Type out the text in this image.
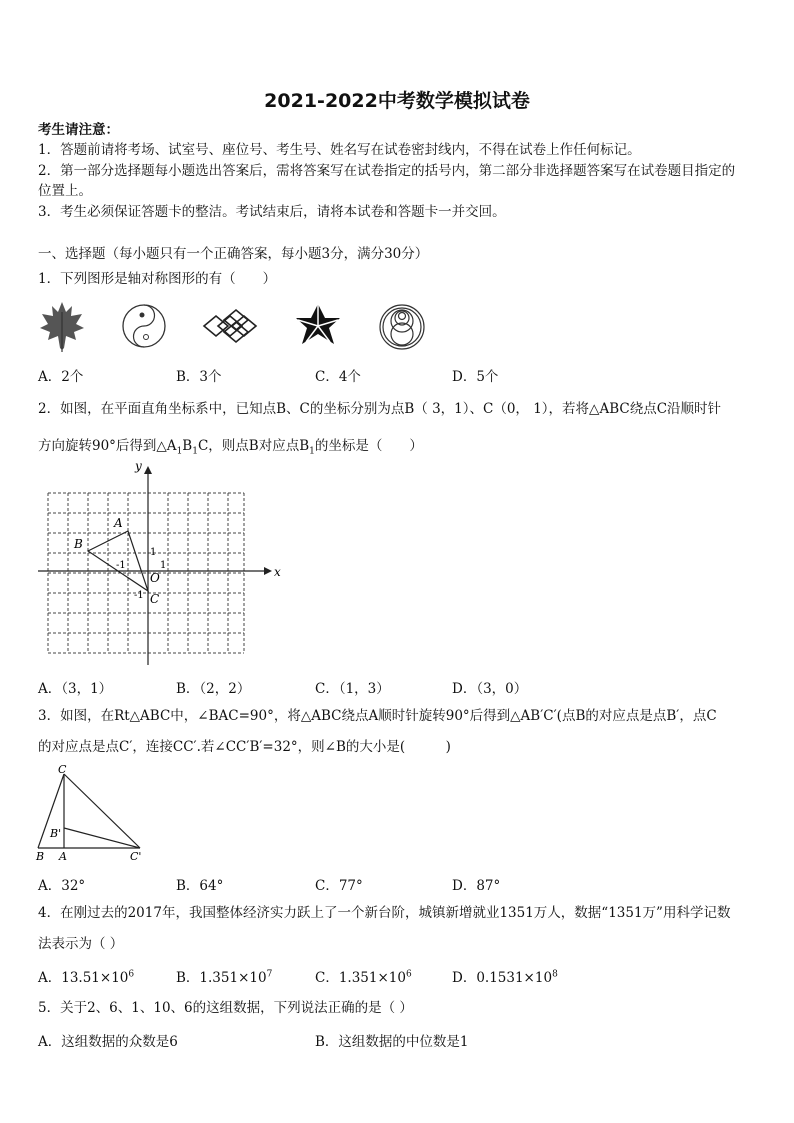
2021-2022中考数学模拟试卷
考生请注意：
1．答题前请将考场、试室号、座位号、考生号、姓名写在试卷密封线内，不得在试卷上作任何标记。
2．第一部分选择题每小题选出答案后，需将答案写在试卷指定的括号内，第二部分非选择题答案写在试卷题目指定的
位置上。
3．考生必须保证答题卡的整洁。考试结束后，请将本试卷和答题卡一并交回。
一、选择题（每小题只有一个正确答案，每小题3分，满分30分）
1．下列图形是轴对称图形的有（　　）
A．2个	B．3个	C．4个	D．5个
2．如图，在平面直角坐标系中，已知点B、C的坐标分别为点B（ 3，1）、C（0， 1），若将△ABC绕点C沿顺时针
方向旋转90°后得到$\triangle A_1B_1C$，则点B对应点$B_1$的坐标是（　　）
y
x
A
B
O
C
1
-1	1
-1
A．（3，1）	B．（2，2）	C．（1，3）	D．（3，0）
3．如图，在Rt△ABC中，∠BAC=90°，将△ABC绕点A顺时针旋转90°后得到△AB′C′(点B的对应点是点B′，点C
的对应点是点C′，连接CC′.若∠CC′B′=32°，则∠B的大小是(　　　)
C
B'
B A	C'
A．32°	B．64°	C．77°	D．87°
4．在刚过去的2017年，我国整体经济实力跃上了一个新台阶，城镇新增就业1351万人，数据“1351万”用科学记数
法表示为（ ）
A．$13.51\times 10^6$	B．$1.351\times 10^7$	C．$1.351\times 10^6$	D．$0.1531\times 10^8$
5．关于2、6、1、10、6的这组数据，下列说法正确的是（ ）
A．这组数据的众数是6	B．这组数据的中位数是1
